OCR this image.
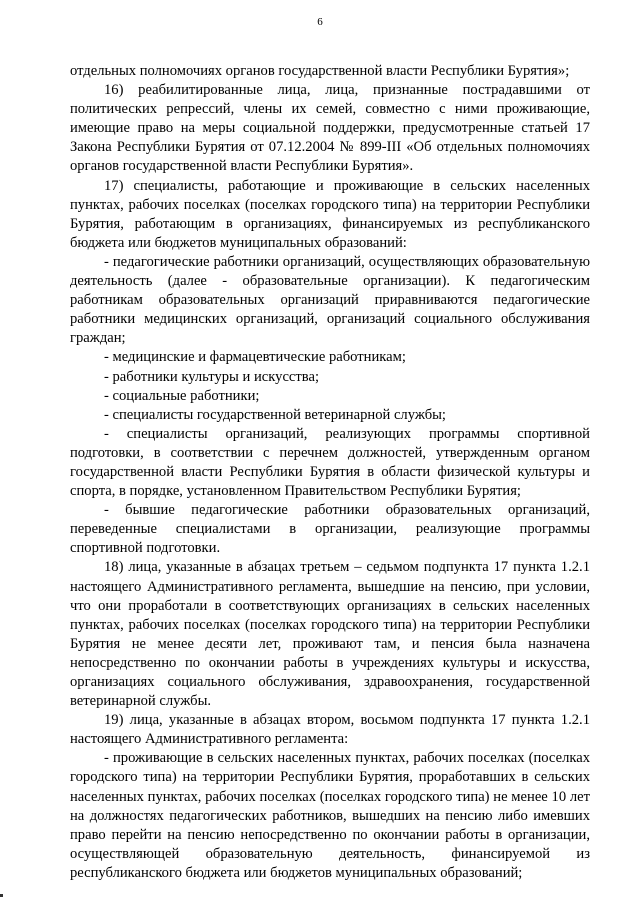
6

отдельных полномочиях органов государственной власти Республики Бурятия»;

16) реабилитированные лица, лица, признанные пострадавшими от политических репрессий, члены их семей, совместно с ними проживающие, имеющие право на меры социальной поддержки, предусмотренные статьей 17 Закона Республики Бурятия от 07.12.2004 № 899-III «Об отдельных полномочиях органов государственной власти Республики Бурятия».

17) специалисты, работающие и проживающие в сельских населенных пунктах, рабочих поселках (поселках городского типа) на территории Республики Бурятия, работающим в организациях, финансируемых из республиканского бюджета или бюджетов муниципальных образований:

- педагогические работники организаций, осуществляющих образовательную деятельность (далее - образовательные организации). К педагогическим работникам образовательных организаций приравниваются педагогические работники медицинских организаций, организаций социального обслуживания граждан;

- медицинские и фармацевтические работникам;

- работники культуры и искусства;

- социальные работники;

- специалисты государственной ветеринарной службы;

- специалисты организаций, реализующих программы спортивной подготовки, в соответствии с перечнем должностей, утвержденным органом государственной власти Республики Бурятия в области физической культуры и спорта, в порядке, установленном Правительством Республики Бурятия;

- бывшие педагогические работники образовательных организаций, переведенные специалистами в организации, реализующие программы спортивной подготовки.

18) лица, указанные в абзацах третьем – седьмом подпункта 17 пункта 1.2.1 настоящего Административного регламента, вышедшие на пенсию, при условии, что они проработали в соответствующих организациях в сельских населенных пунктах, рабочих поселках (поселках городского типа) на территории Республики Бурятия не менее десяти лет, проживают там, и пенсия была назначена непосредственно по окончании работы в учреждениях культуры и искусства, организациях социального обслуживания, здравоохранения, государственной ветеринарной службы.

19) лица, указанные в абзацах втором, восьмом подпункта 17 пункта 1.2.1 настоящего Административного регламента:

- проживающие в сельских населенных пунктах, рабочих поселках (поселках городского типа) на территории Республики Бурятия, проработавших в сельских населенных пунктах, рабочих поселках (поселках городского типа) не менее 10 лет на должностях педагогических работников, вышедших на пенсию либо имевших право перейти на пенсию непосредственно по окончании работы в организации, осуществляющей образовательную деятельность, финансируемой из республиканского бюджета или бюджетов муниципальных образований;
